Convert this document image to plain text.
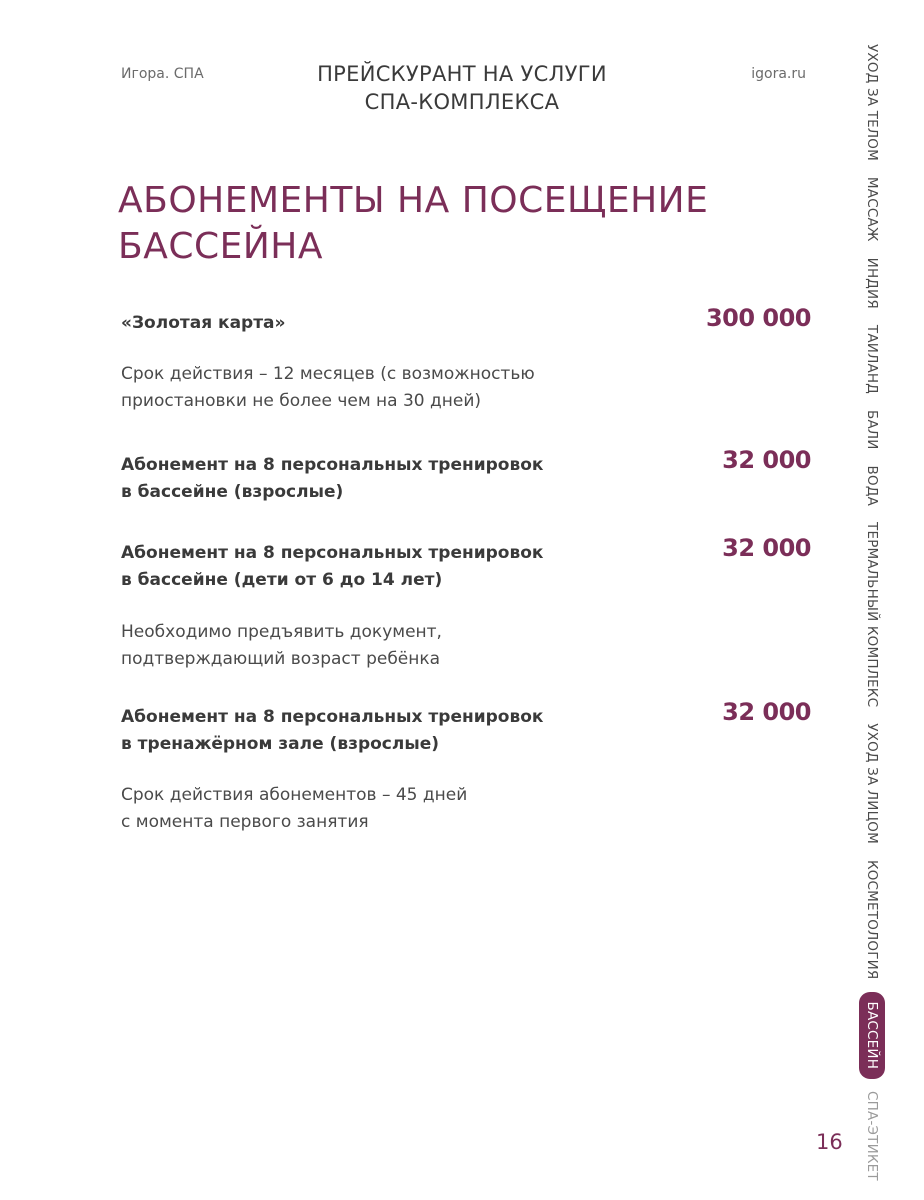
Игора. СПА	ПРЕЙСКУРАНТ НА УСЛУГИ
СПА-КОМПЛЕКСА
igora.ru
АБОНЕМЕНТЫ НА ПОСЕЩЕНИЕ
БАССЕЙНА
«Золотая карта»	300 000
Срок действия – 12 месяцев (с возможностью
приостановки не более чем на 30 дней)
Абонемент на 8 персональных тренировок
в бассейне (взрослые)
32 000
Абонемент на 8 персональных тренировок
в бассейне (дети от 6 до 14 лет)
32 000
Необходимо предъявить документ,
подтверждающий возраст ребёнка
Абонемент на 8 персональных тренировок
в тренажёрном зале (взрослые)
32 000
Срок действия абонементов – 45 дней
с момента первого занятия
УХОД ЗА ТЕЛОМ
МАССАЖ
ИНДИЯ
ТАИЛАНД
БАЛИ
ВОДА
ТЕРМАЛЬНЫЙ КОМПЛЕКС
УХОД ЗА ЛИЦОМ
КОСМЕТОЛОГИЯ
БАССЕЙН
СПА-ЭТИКЕТ
16
